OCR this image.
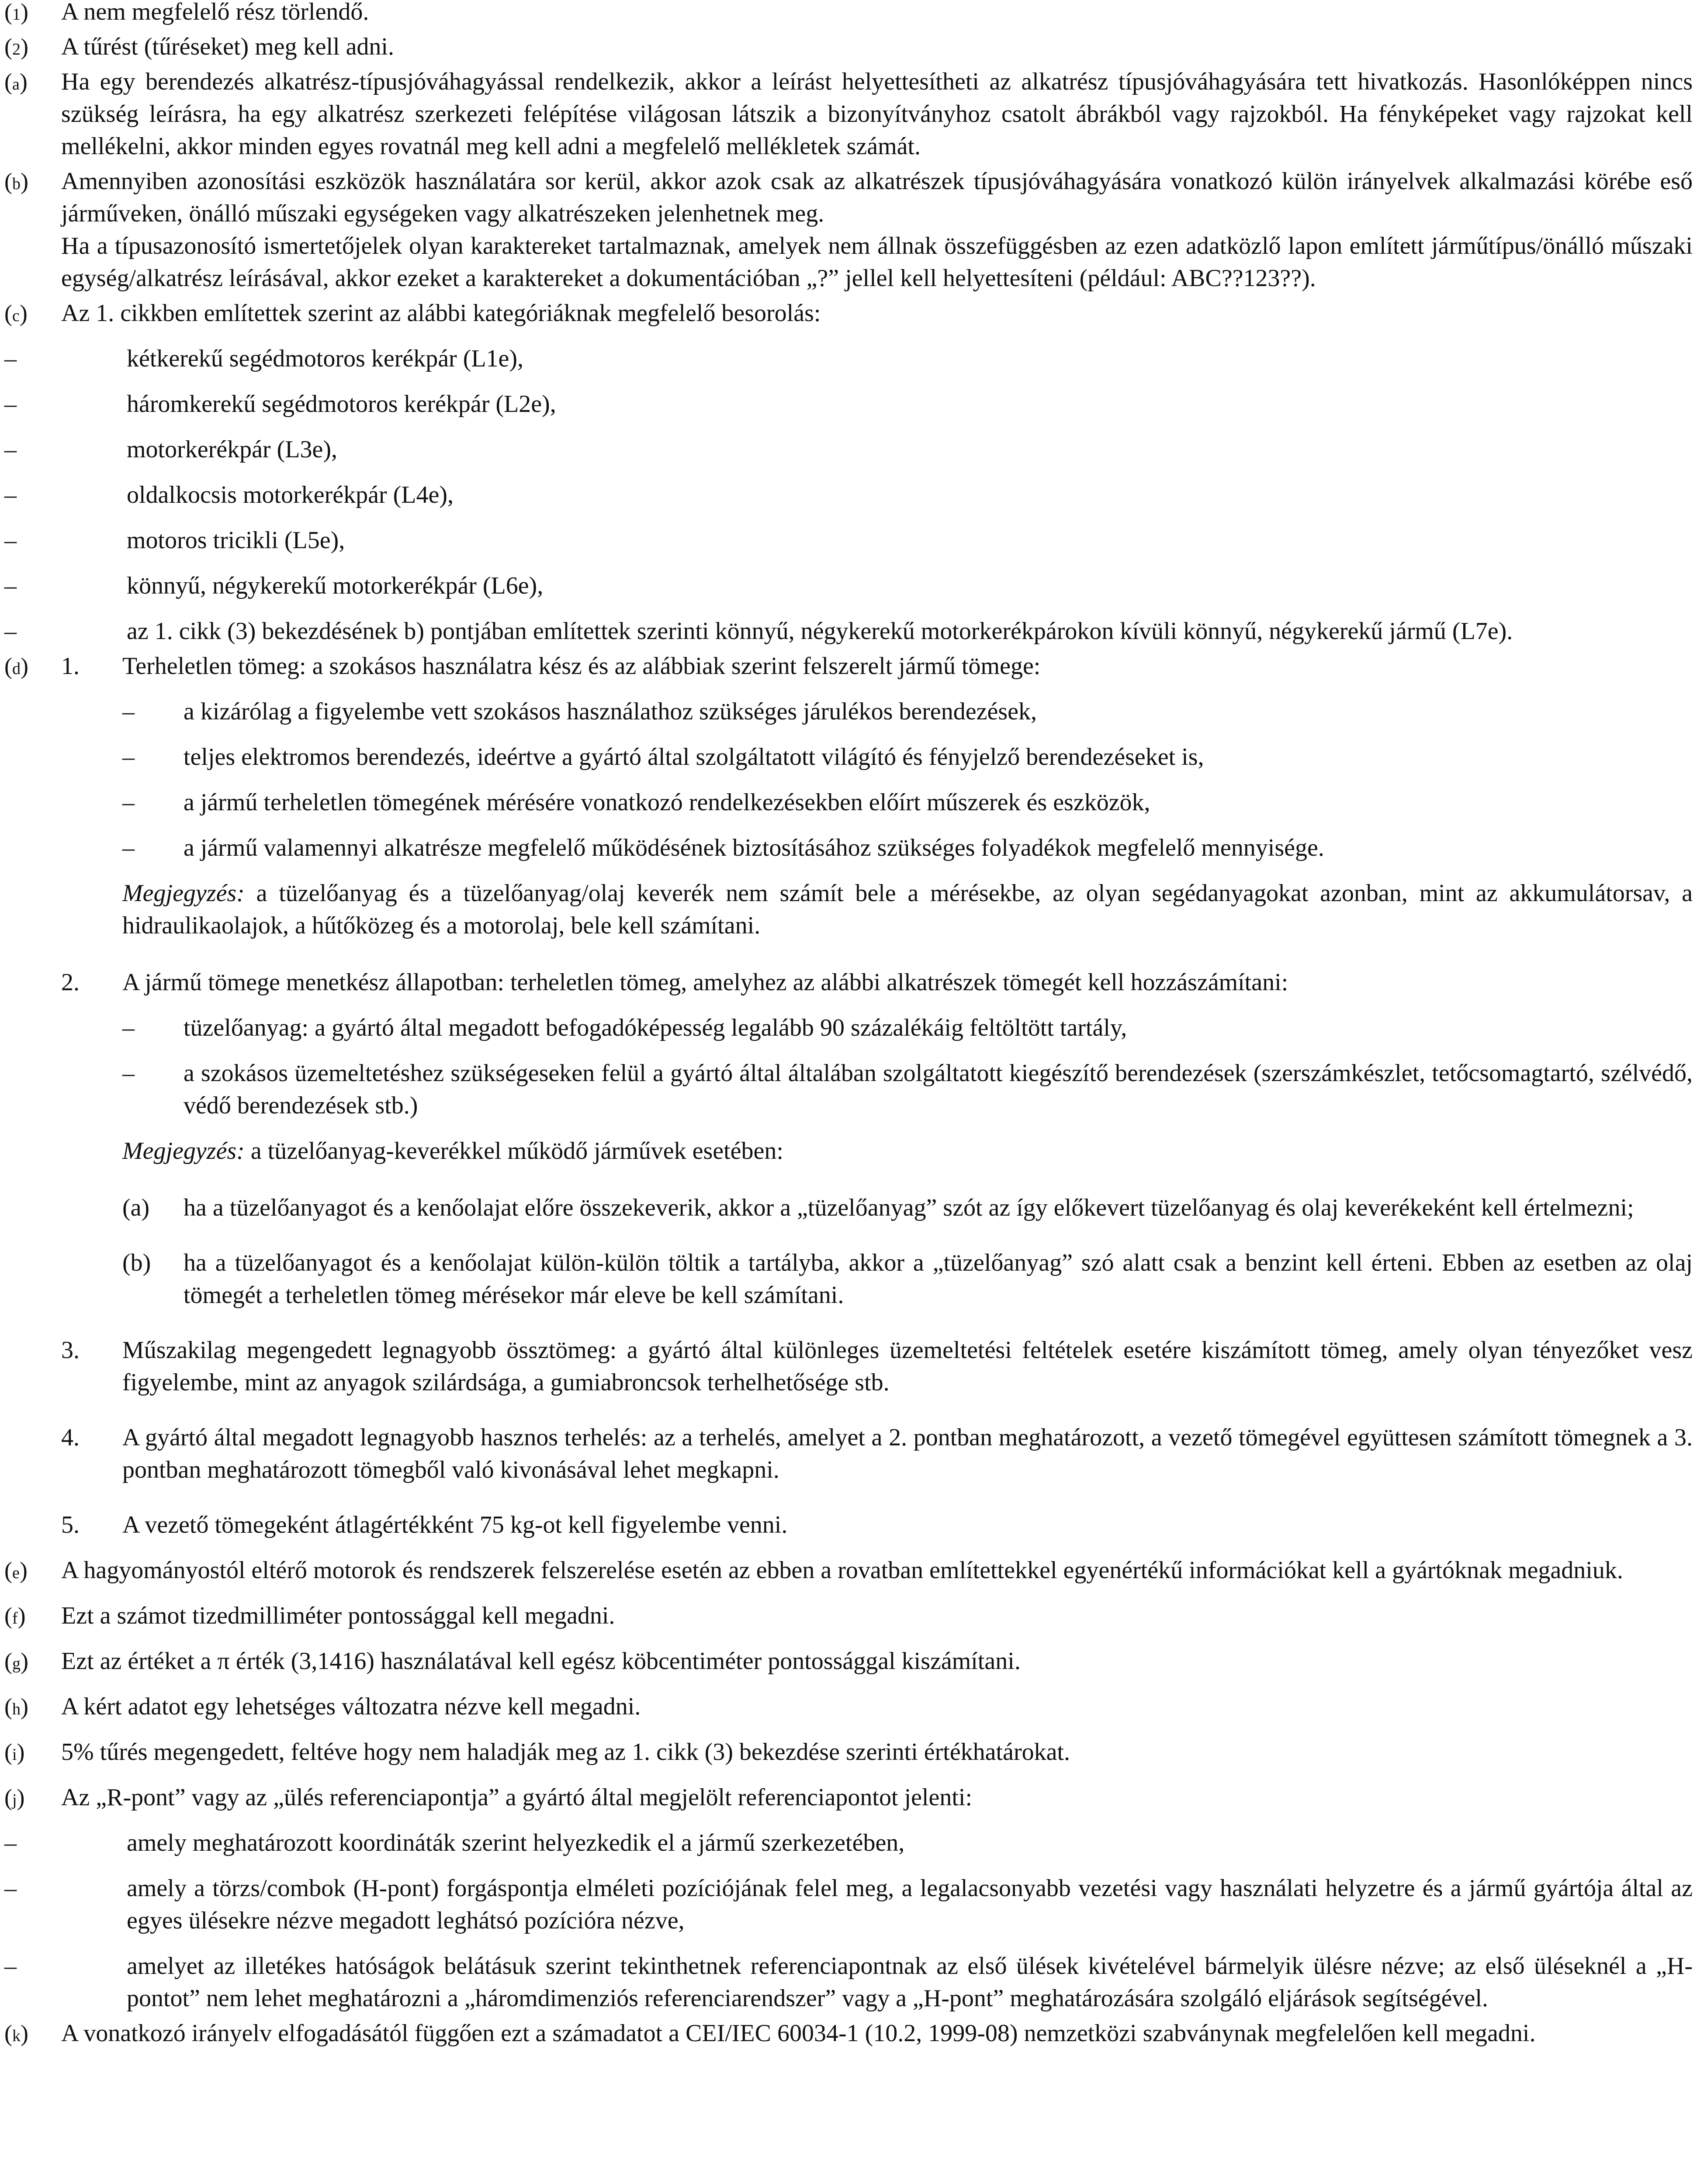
(1) A nem megfelelő rész törlendő.

(2) A tűrést (tűréseket) meg kell adni.

(a) Ha egy berendezés alkatrész-típusjóváhagyással rendelkezik, akkor a leírást helyettesítheti az alkatrész típusjóváhagyására tett hivatkozás. Hasonlóképpen nincs szükség leírásra, ha egy alkatrész szerkezeti felépítése világosan látszik a bizonyítványhoz csatolt ábrákból vagy rajzokból. Ha fényképeket vagy rajzokat kell mellékelni, akkor minden egyes rovatnál meg kell adni a megfelelő mellékletek számát.

(b) Amennyiben azonosítási eszközök használatára sor kerül, akkor azok csak az alkatrészek típusjóváhagyására vonatkozó külön irányelvek alkalmazási körébe eső járműveken, önálló műszaki egységeken vagy alkatrészeken jelenhetnek meg.

Ha a típusazonosító ismertetőjelek olyan karaktereket tartalmaznak, amelyek nem állnak összefüggésben az ezen adatközlő lapon említett járműtípus/önálló műszaki egység/alkatrész leírásával, akkor ezeket a karaktereket a dokumentációban „?” jellel kell helyettesíteni (például: ABC??123??).

(c) Az 1. cikkben említettek szerint az alábbi kategóriáknak megfelelő besorolás:

–	kétkerekű segédmotoros kerékpár (L1e),
–	háromkerekű segédmotoros kerékpár (L2e),
–	motorkerékpár (L3e),
–	oldalkocsis motorkerékpár (L4e),
–	motoros tricikli (L5e),
–	könnyű, négykerekű motorkerékpár (L6e),
–	az 1. cikk (3) bekezdésének b) pontjában említettek szerinti könnyű, négykerekű motorkerékpárokon kívüli könnyű, négykerekű jármű (L7e).
(d) 1. Terheletlen tömeg: a szokásos használatra kész és az alábbiak szerint felszerelt jármű tömege:

– a kizárólag a figyelembe vett szokásos használathoz szükséges járulékos berendezések,
– teljes elektromos berendezés, ideértve a gyártó által szolgáltatott világító és fényjelző berendezéseket is,
– a jármű terheletlen tömegének mérésére vonatkozó rendelkezésekben előírt műszerek és eszközök,
– a jármű valamennyi alkatrésze megfelelő működésének biztosításához szükséges folyadékok megfelelő mennyisége.

Megjegyzés: a tüzelőanyag és a tüzelőanyag/olaj keverék nem számít bele a mérésekbe, az olyan segédanyagokat azonban, mint az akkumulátorsav, a hidraulikaolajok, a hűtőközeg és a motorolaj, bele kell számítani.

2. A jármű tömege menetkész állapotban: terheletlen tömeg, amelyhez az alábbi alkatrészek tömegét kell hozzászámítani:

– tüzelőanyag: a gyártó által megadott befogadóképesség legalább 90 százalékáig feltöltött tartály,
– a szokásos üzemeltetéshez szükségeseken felül a gyártó által általában szolgáltatott kiegészítő berendezések (szerszámkészlet, tetőcsomagtartó, szélvédő, védő berendezések stb.)

Megjegyzés: a tüzelőanyag-keverékkel működő járművek esetében:

(a) ha a tüzelőanyagot és a kenőolajat előre összekeverik, akkor a „tüzelőanyag” szót az így előkevert tüzelőanyag és olaj keverékeként kell értelmezni;
(b) ha a tüzelőanyagot és a kenőolajat külön-külön töltik a tartályba, akkor a „tüzelőanyag” szó alatt csak a benzint kell érteni. Ebben az esetben az olaj tömegét a terheletlen tömeg mérésekor már eleve be kell számítani.
3. Műszakilag megengedett legnagyobb össztömeg: a gyártó által különleges üzemeltetési feltételek esetére kiszámított tömeg, amely olyan tényezőket vesz figyelembe, mint az anyagok szilárdsága, a gumiabroncsok terhelhetősége stb.

4. A gyártó által megadott legnagyobb hasznos terhelés: az a terhelés, amelyet a 2. pontban meghatározott, a vezető tömegével együttesen számított tömegnek a 3. pontban meghatározott tömegből való kivonásával lehet megkapni.

5. A vezető tömegeként átlagértékként 75 kg-ot kell figyelembe venni.

(e) A hagyományostól eltérő motorok és rendszerek felszerelése esetén az ebben a rovatban említettekkel egyenértékű információkat kell a gyártóknak megadniuk.

(f) Ezt a számot tizedmilliméter pontossággal kell megadni.

(g) Ezt az értéket a π érték (3,1416) használatával kell egész köbcentiméter pontossággal kiszámítani.

(h) A kért adatot egy lehetséges változatra nézve kell megadni.

(i) 5% tűrés megengedett, feltéve hogy nem haladják meg az 1. cikk (3) bekezdése szerinti értékhatárokat.

(j) Az „R-pont” vagy az „ülés referenciapontja” a gyártó által megjelölt referenciapontot jelenti:

–	amely meghatározott koordináták szerint helyezkedik el a jármű szerkezetében,
–	amely a törzs/combok (H-pont) forgáspontja elméleti pozíciójának felel meg, a legalacsonyabb vezetési vagy használati helyzetre és a jármű gyártója által az egyes ülésekre nézve megadott leghátsó pozícióra nézve,
–	amelyet az illetékes hatóságok belátásuk szerint tekinthetnek referenciapontnak az első ülések kivételével bármelyik ülésre nézve; az első üléseknél a „H-pontot” nem lehet meghatározni a „háromdimenziós referenciarendszer” vagy a „H-pont” meghatározására szolgáló eljárások segítségével.
(k) A vonatkozó irányelv elfogadásától függően ezt a számadatot a CEI/IEC 60034-1 (10.2, 1999-08) nemzetközi szabványnak megfelelően kell megadni.
